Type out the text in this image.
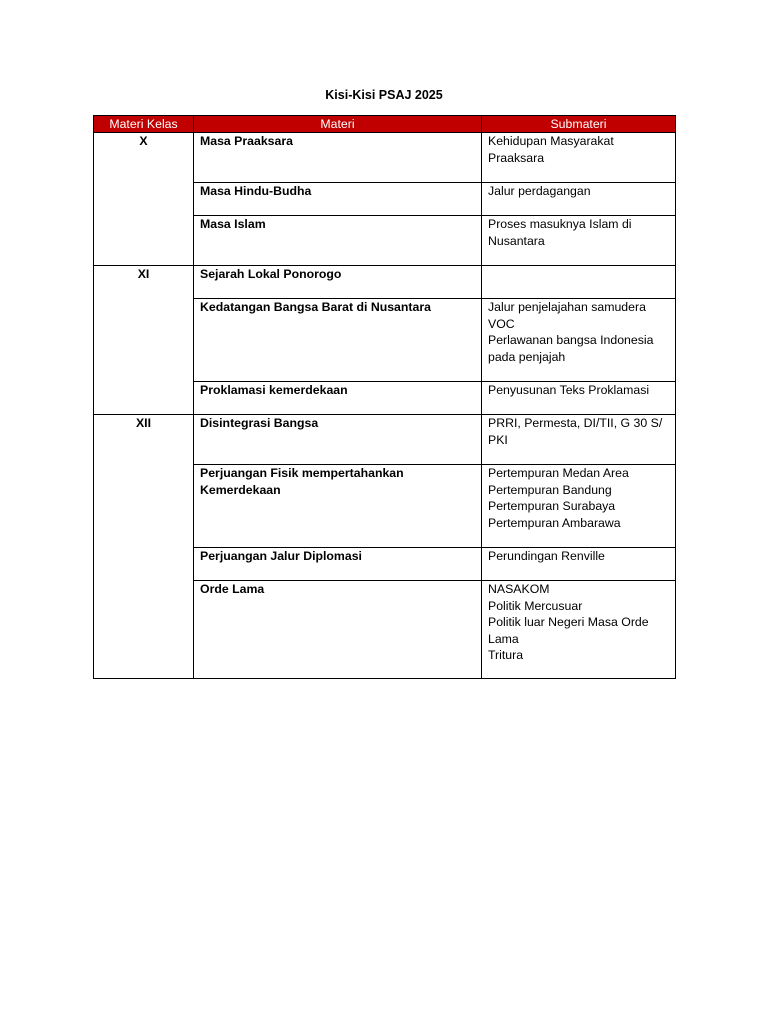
Kisi-Kisi PSAJ 2025
Materi Kelas	Materi	Submateri
X	Masa Praaksara	Kehidupan Masyarakat Praaksara

	Masa Hindu-Budha	Jalur perdagangan

	Masa Islam	Proses masuknya Islam di Nusantara

XI	Sejarah Lokal Ponorogo	
	Kedatangan Bangsa Barat di Nusantara	Jalur penjelajahan samudera
VOC
Perlawanan bangsa Indonesia pada penjajah

	Proklamasi kemerdekaan	Penyusunan Teks Proklamasi

XII	Disintegrasi Bangsa	PRRI, Permesta, DI/TII, G 30 S/ PKI

	Perjuangan Fisik mempertahankan Kemerdekaan	Pertempuran Medan Area
Pertempuran Bandung
Pertempuran Surabaya
Pertempuran Ambarawa

	Perjuangan Jalur Diplomasi	Perundingan Renville

	Orde Lama	NASAKOM
Politik Mercusuar
Politik luar Negeri Masa Orde Lama
Tritura
